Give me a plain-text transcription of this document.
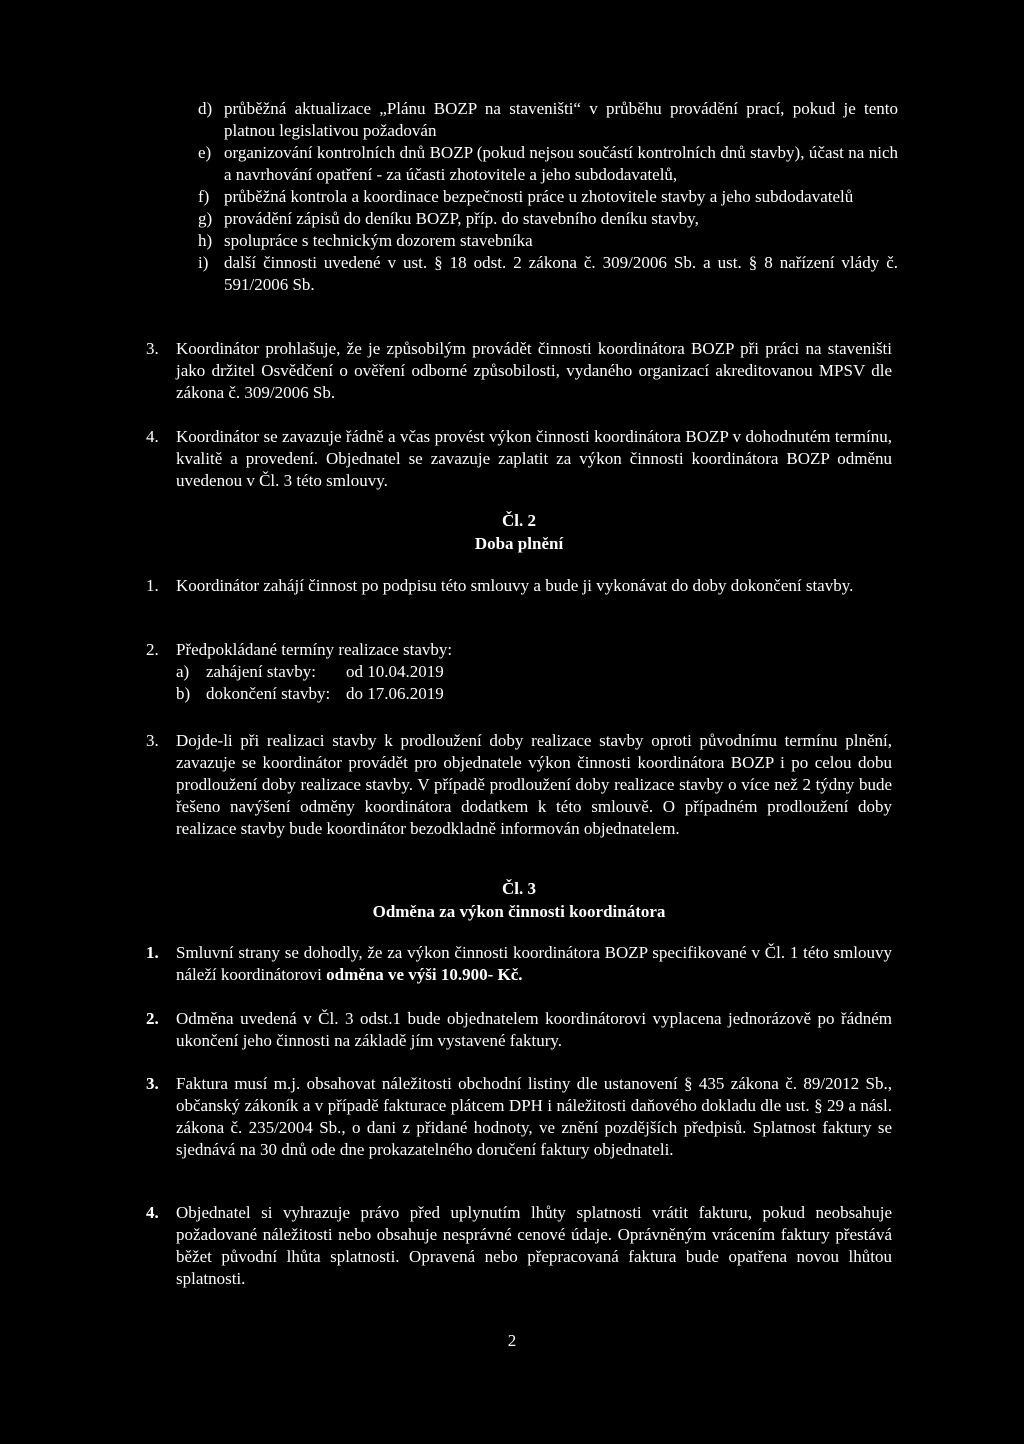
d) průběžná aktualizace „Plánu BOZP na staveništi“ v průběhu provádění prací, pokud je tento platnou legislativou požadován
e) organizování kontrolních dnů BOZP (pokud nejsou součástí kontrolních dnů stavby), účast na nich a navrhování opatření - za účasti zhotovitele a jeho subdodavatelů,
f) průběžná kontrola a koordinace bezpečnosti práce u zhotovitele stavby a jeho subdodavatelů
g) provádění zápisů do deníku BOZP, příp. do stavebního deníku stavby,
h) spolupráce s technickým dozorem stavebníka
i) další činnosti uvedené v ust. § 18 odst. 2 zákona č. 309/2006 Sb. a ust. § 8 nařízení vlády č. 591/2006 Sb.
3.	Koordinátor prohlašuje, že je způsobilým provádět činnosti koordinátora BOZP při práci na staveništi jako držitel Osvědčení o ověření odborné způsobilosti, vydaného organizací akreditovanou MPSV dle zákona č. 309/2006 Sb.
4.	Koordinátor se zavazuje řádně a včas provést výkon činnosti koordinátora BOZP v dohodnutém termínu, kvalitě a provedení. Objednatel se zavazuje zaplatit za výkon činnosti koordinátora BOZP odměnu uvedenou v Čl. 3 této smlouvy.
Čl. 2
Doba plnění
1.	Koordinátor zahájí činnost po podpisu této smlouvy a bude ji vykonávat do doby dokončení stavby.
2.	Předpokládané termíny realizace stavby:
a) zahájení stavby:	od 10.04.2019
b) dokončení stavby: do 17.06.2019
3.	Dojde-li při realizaci stavby k prodloužení doby realizace stavby oproti původnímu termínu plnění, zavazuje se koordinátor provádět pro objednatele výkon činnosti koordinátora BOZP i po celou dobu prodloužení doby realizace stavby. V případě prodloužení doby realizace stavby o více než 2 týdny bude řešeno navýšení odměny koordinátora dodatkem k této smlouvě. O případném prodloužení doby realizace stavby bude koordinátor bezodkladně informován objednatelem.
Čl. 3
Odměna za výkon činnosti koordinátora
1.	Smluvní strany se dohodly, že za výkon činnosti koordinátora BOZP specifikované v Čl. 1 této smlouvy náleží koordinátorovi odměna ve výši 10.900- Kč.
2.	Odměna uvedená v Čl. 3 odst.1 bude objednatelem koordinátorovi vyplacena jednorázově po řádném ukončení jeho činnosti na základě jím vystavené faktury.
3.	Faktura musí m.j. obsahovat náležitosti obchodní listiny dle ustanovení § 435 zákona č. 89/2012 Sb., občanský zákoník a v případě fakturace plátcem DPH i náležitosti daňového dokladu dle ust. § 29 a násl. zákona č. 235/2004 Sb., o dani z přidané hodnoty, ve znění pozdějších předpisů. Splatnost faktury se sjednává na 30 dnů ode dne prokazatelného doručení faktury objednateli.
4.	Objednatel si vyhrazuje právo před uplynutím lhůty splatnosti vrátit fakturu, pokud neobsahuje požadované náležitosti nebo obsahuje nesprávné cenové údaje. Oprávněným vrácením faktury přestává běžet původní lhůta splatnosti. Opravená nebo přepracovaná faktura bude opatřena novou lhůtou splatnosti.
2
